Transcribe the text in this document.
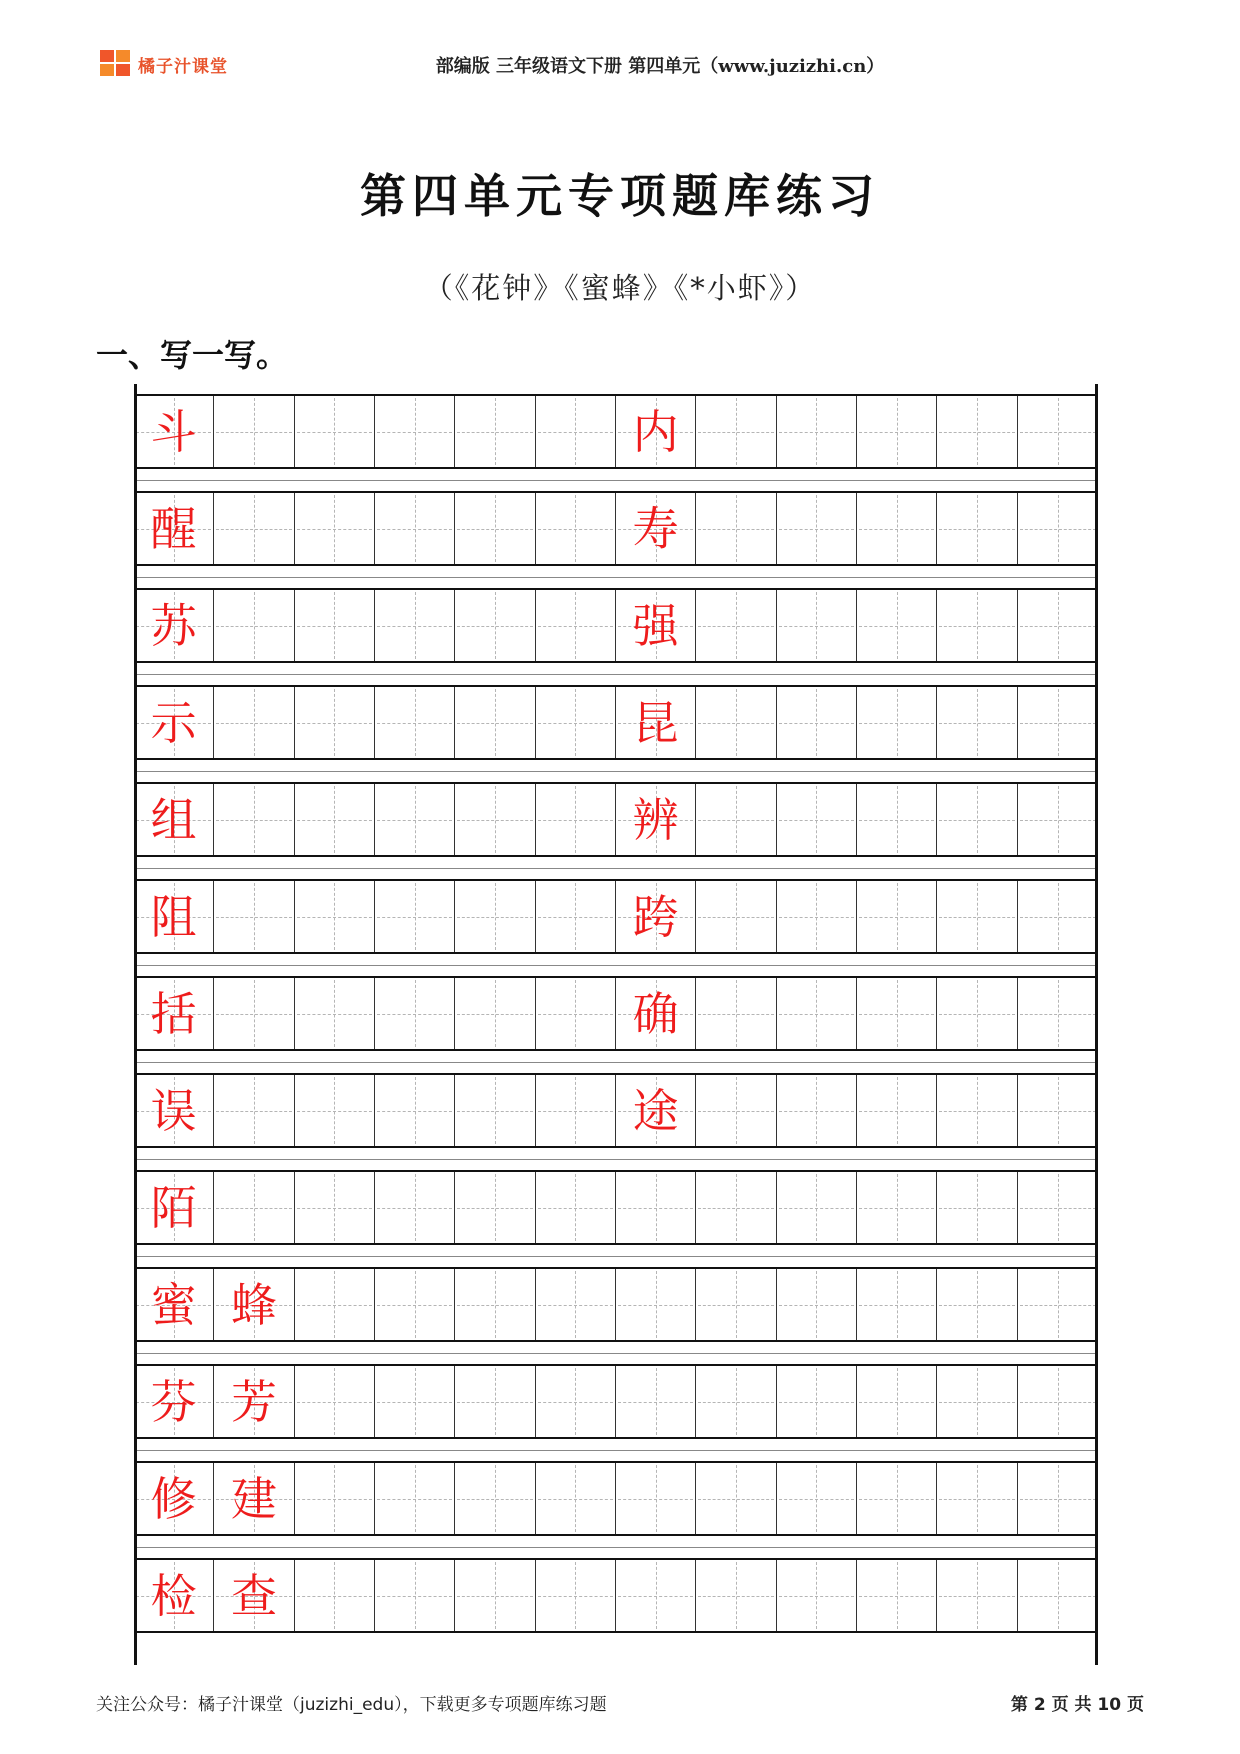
橘子汁课堂	部编版 三年级语文下册 第四单元（www.juzizhi.cn）
第四单元专项题库练习
（《花钟》《蜜蜂》《*小虾》）
一、写一写。
斗	内
醒	寿
苏	强
示	昆
组	辨
阻	跨
括	确
误	途
陌
蜜 蜂
芬 芳
修 建
检 查
关注公众号：橘子汁课堂（juzizhi_edu），下载更多专项题库练习题	第 2 页 共 10 页
